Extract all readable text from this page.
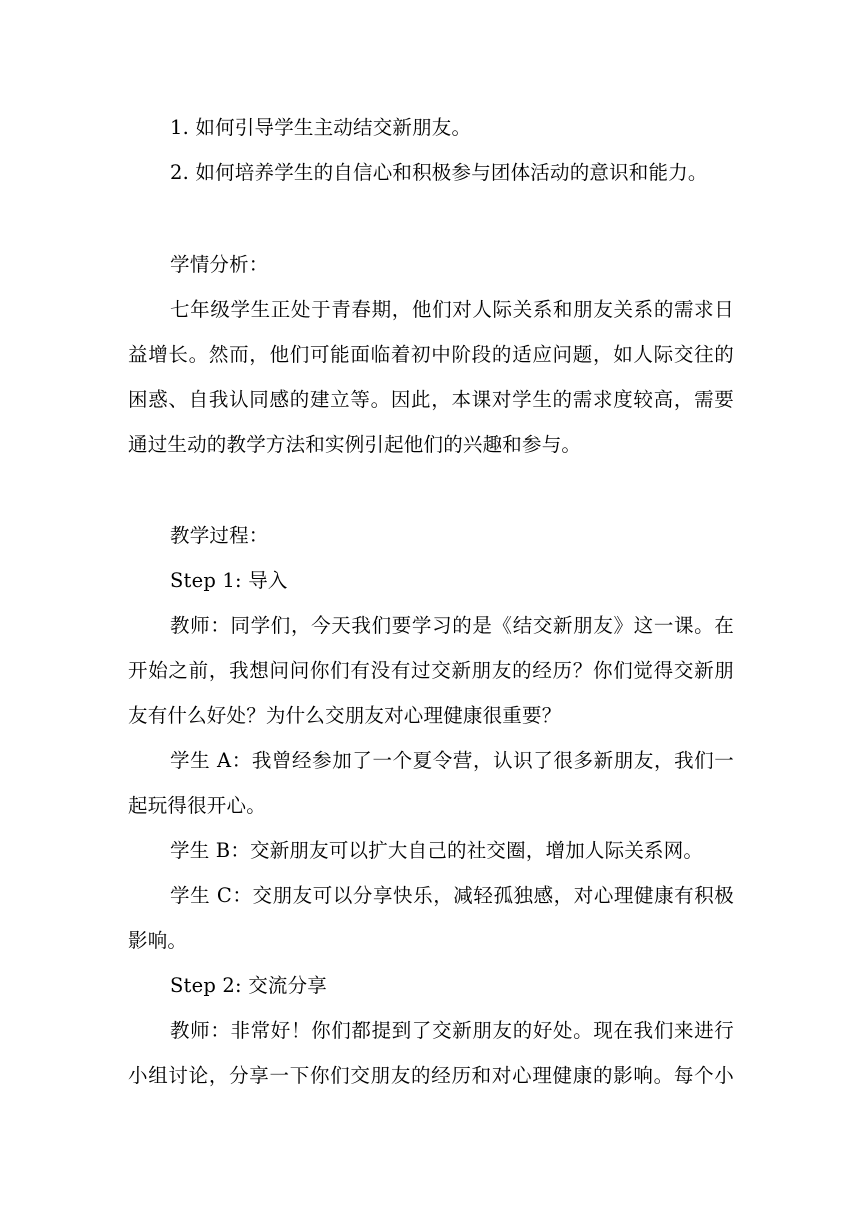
1. 如何引导学生主动结交新朋友。
2. 如何培养学生的自信心和积极参与团体活动的意识和能力。
学情分析：
七年级学生正处于青春期，他们对人际关系和朋友关系的需求日
益增长。然而，他们可能面临着初中阶段的适应问题，如人际交往的
困惑、自我认同感的建立等。因此，本课对学生的需求度较高，需要
通过生动的教学方法和实例引起他们的兴趣和参与。
教学过程：
Step 1: 导入
教师：同学们，今天我们要学习的是《结交新朋友》这一课。在
开始之前，我想问问你们有没有过交新朋友的经历？你们觉得交新朋
友有什么好处？为什么交朋友对心理健康很重要？
学生 A：我曾经参加了一个夏令营，认识了很多新朋友，我们一
起玩得很开心。
学生 B：交新朋友可以扩大自己的社交圈，增加人际关系网。
学生 C：交朋友可以分享快乐，减轻孤独感，对心理健康有积极
影响。
Step 2: 交流分享
教师：非常好！你们都提到了交新朋友的好处。现在我们来进行
小组讨论，分享一下你们交朋友的经历和对心理健康的影响。每个小
